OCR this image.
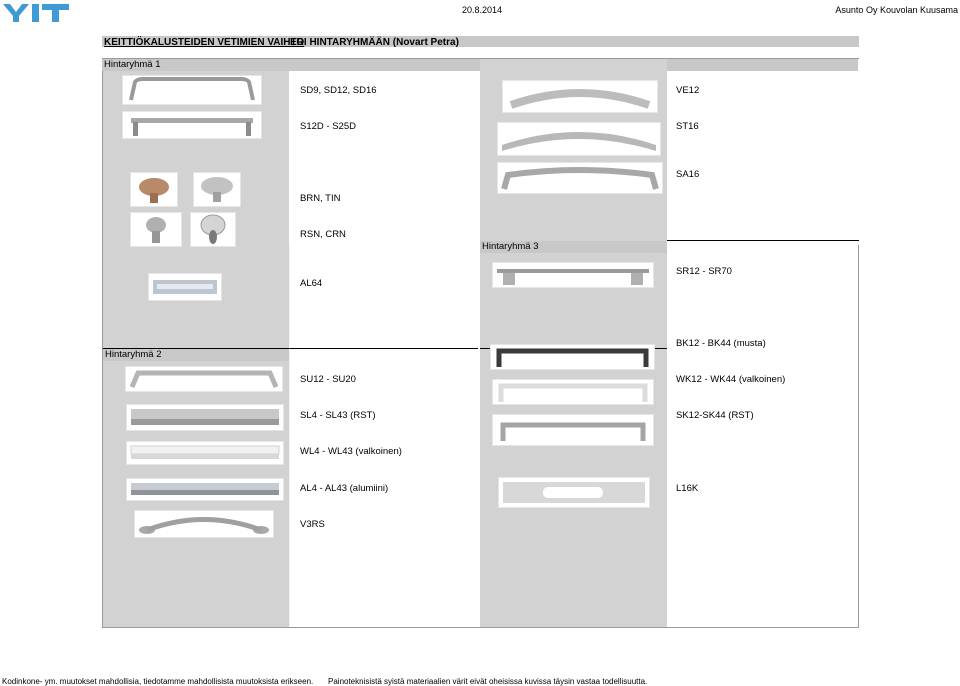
20.8.2014	Asunto Oy Kouvolan Kuusama
KEITTIÖKALUSTEIDEN VETIMIEN VAIHTO
ERI HINTARYHMÄÄN (Novart Petra)
Hintaryhmä 1
Hintaryhmä 3
Hintaryhmä 2
SD9, SD12, SD16
S12D - S25D
BRN, TIN
RSN, CRN
AL64
SU12 - SU20
SL4 - SL43 (RST)
WL4 - WL43 (valkoinen)
AL4 - AL43 (alumiini)
V3RS
VE12
ST16
SA16
SR12 - SR70
BK12 - BK44 (musta)
WK12 - WK44 (valkoinen)
SK12-SK44 (RST)
L16K
Kodinkone- ym. muutokset mahdollisia, tiedotamme mahdollisista muutoksista erikseen. Painoteknisistä syistä materiaalien värit eivät oheisissa kuvissa täysin vastaa todellisuutta.
